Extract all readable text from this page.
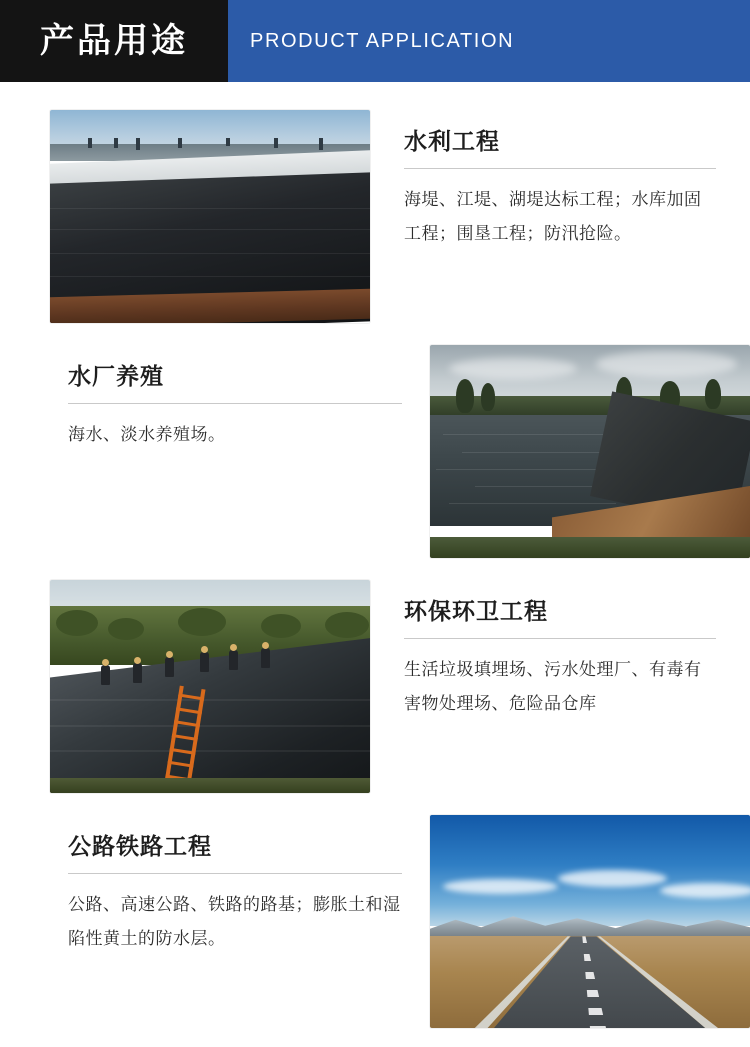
产品用途	PRODUCT APPLICATION
水利工程
海堤、江堤、湖堤达标工程；水库加固工程；围垦工程；防汛抢险。
水厂养殖
海水、淡水养殖场。
环保环卫工程
生活垃圾填埋场、污水处理厂、有毒有害物处理场、危险品仓库
公路铁路工程
公路、高速公路、铁路的路基；膨胀土和湿陷性黄土的防水层。
